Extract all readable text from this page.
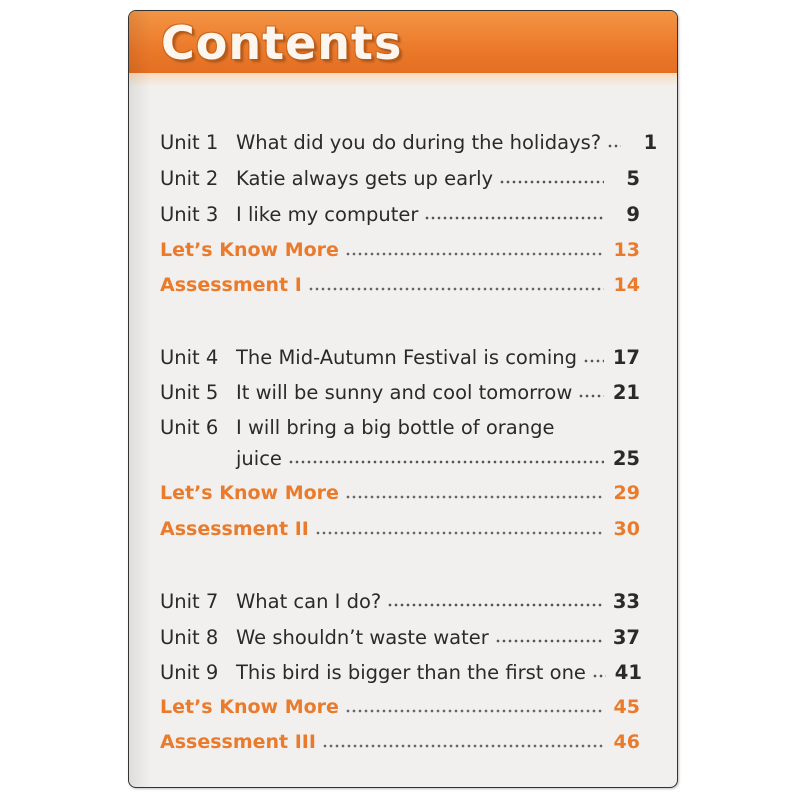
Contents
Unit 1 What did you do during the holidays?	1
Unit 2 Katie always gets up early	5
Unit 3 I like my computer	9
Let’s Know More	13
Assessment I	14
Unit 4 The Mid-Autumn Festival is coming 17
Unit 5 It will be sunny and cool tomorrow 21
Unit 6 I will bring a big bottle of orange
juice	25
Let’s Know More	29
Assessment II	30
Unit 7 What can I do?	33
Unit 8 We shouldn’t waste water	37
Unit 9 This bird is bigger than the first one 41
Let’s Know More	45
Assessment III	46
